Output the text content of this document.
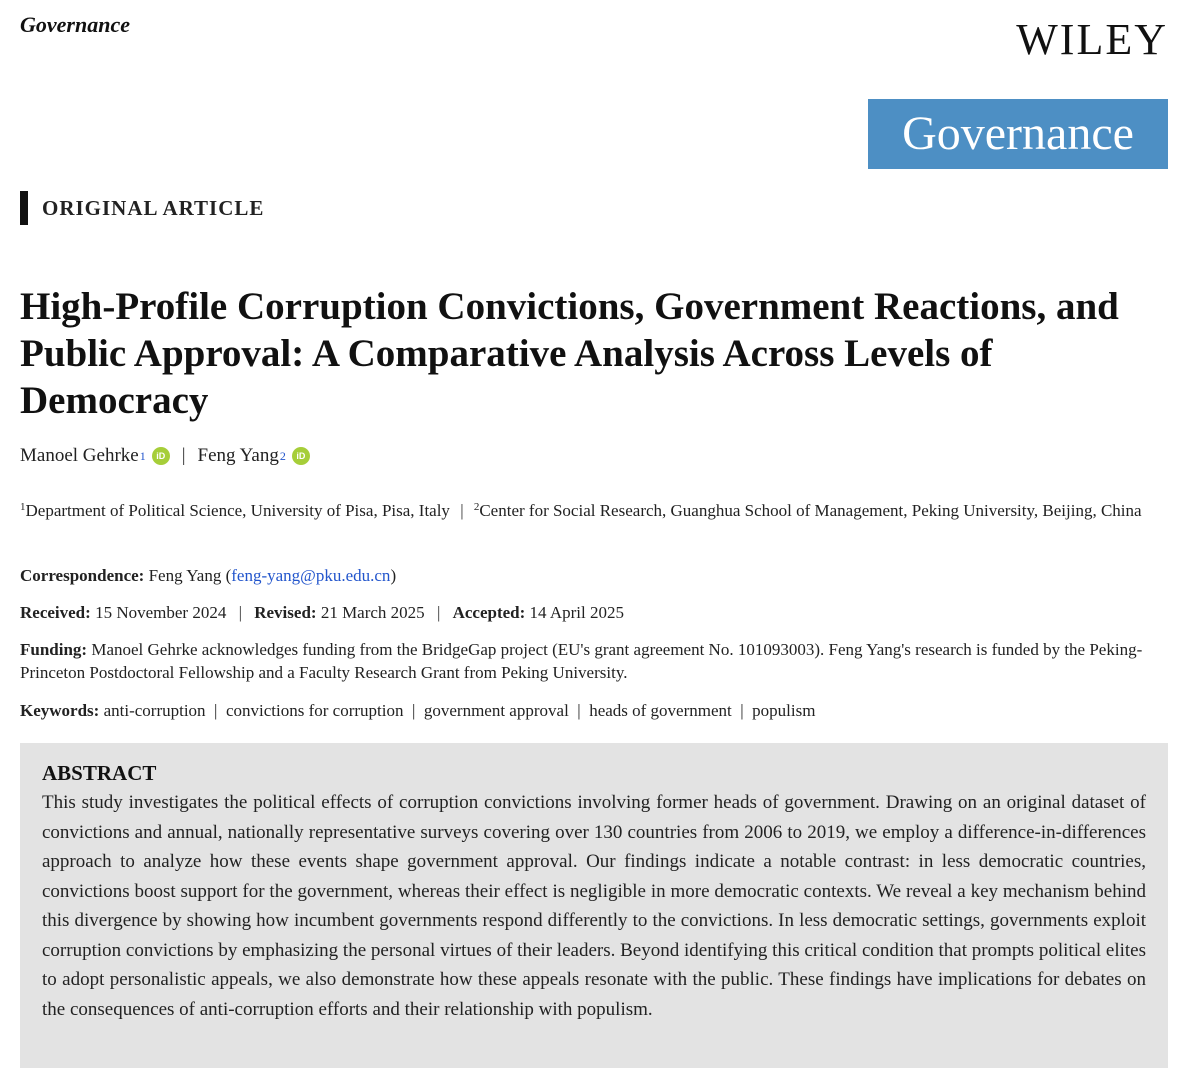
Governance	WILEY
Governance
ORIGINAL ARTICLE
High-Profile Corruption Convictions, Government Reactions, and Public Approval: A Comparative Analysis Across Levels of Democracy
Manoel Gehrke 1	iD | Feng Yang 2	iD
$^1$Department of Political Science, University of Pisa, Pisa, Italy | $^2$Center for Social Research, Guanghua School of Management, Peking University, Beijing, China
Correspondence: Feng Yang (feng-yang@pku.edu.cn)
Received: 15 November 2024 | Revised: 21 March 2025 | Accepted: 14 April 2025
Funding: Manoel Gehrke acknowledges funding from the BridgeGap project (EU's grant agreement No. 101093003). Feng Yang's research is funded by the Peking-Princeton Postdoctoral Fellowship and a Faculty Research Grant from Peking University.
Keywords: anti-corruption  |  convictions for corruption  |  government approval  |  heads of government  |  populism
ABSTRACT

This study investigates the political effects of corruption convictions involving former heads of government. Drawing on an original dataset of convictions and annual, nationally representative surveys covering over 130 countries from 2006 to 2019, we employ a difference-in-differences approach to analyze how these events shape government approval. Our findings indicate a notable contrast: in less democratic countries, convictions boost support for the government, whereas their effect is negligible in more democratic contexts. We reveal a key mechanism behind this divergence by showing how incumbent governments respond differently to the convictions. In less democratic settings, governments exploit corruption convictions by emphasizing the personal virtues of their leaders. Beyond identifying this critical condition that prompts political elites to adopt personalistic appeals, we also demonstrate how these appeals resonate with the public. These findings have implications for debates on the consequences of anti-corruption efforts and their relationship with populism.
